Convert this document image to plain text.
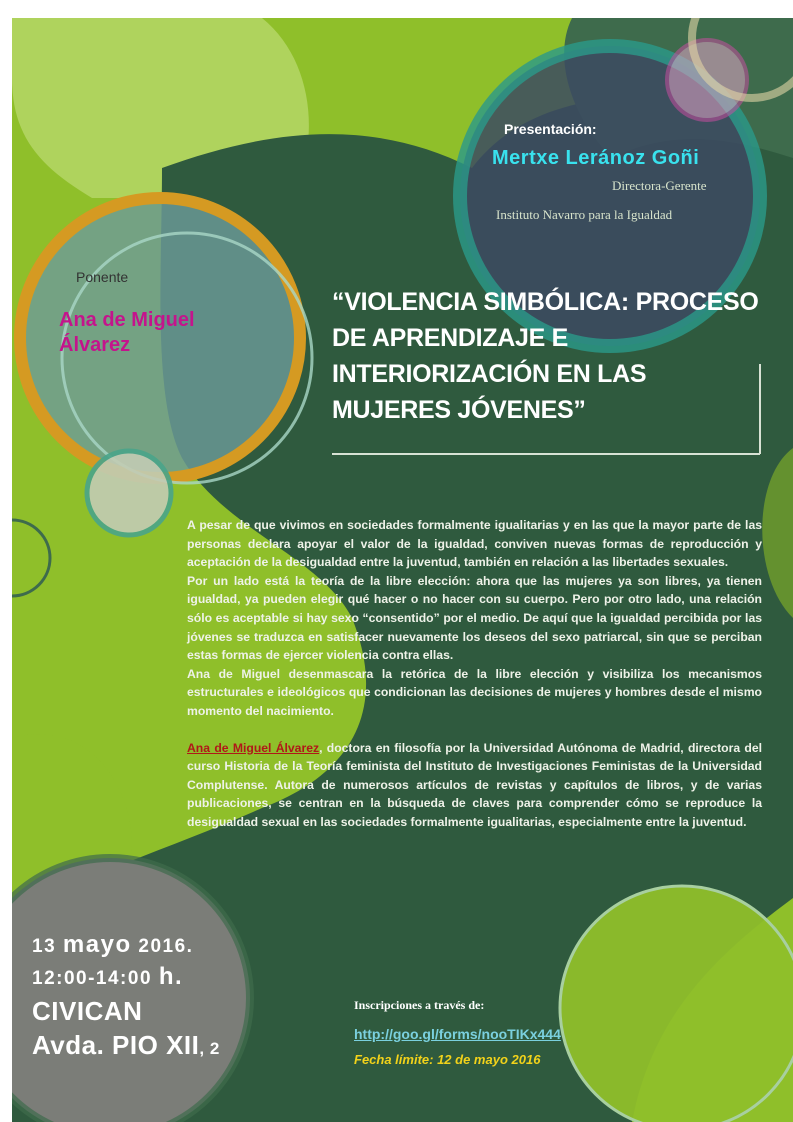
Presentación:
Mertxe Leránoz Goñi
Directora-Gerente
Instituto Navarro para la Igualdad
Ponente
Ana de Miguel Álvarez
“VIOLENCIA SIMBÓLICA: PROCESO DE APRENDIZAJE E INTERIORIZACIÓN EN LAS MUJERES JÓVENES”

A pesar de que vivimos en sociedades formalmente igualitarias y en las que la mayor parte de las personas declara apoyar el valor de la igualdad, conviven nuevas formas de reproducción y aceptación de la desigualdad entre la juventud, también en relación a las libertades sexuales.

Por un lado está la teoría de la libre elección: ahora que las mujeres ya son libres, ya tienen igualdad, ya pueden elegir qué hacer o no hacer con su cuerpo. Pero por otro lado, una relación sólo es aceptable si hay sexo “consentido” por el medio. De aquí que la igualdad percibida por las jóvenes se traduzca en satisfacer nuevamente los deseos del sexo patriarcal, sin que se perciban estas formas de ejercer violencia contra ellas.

Ana de Miguel desenmascara la retórica de la libre elección y visibiliza los mecanismos estructurales e ideológicos que condicionan las decisiones de mujeres y hombres desde el mismo momento del nacimiento.

Ana de Miguel Álvarez, doctora en filosofía por la Universidad Autónoma de Madrid, directora del curso Historia de la Teoría feminista del Instituto de Investigaciones Feministas de la Universidad Complutense. Autora de numerosos artículos de revistas y capítulos de libros, y de varias publicaciones, se centran en la búsqueda de claves para comprender cómo se reproduce la desigualdad sexual en las sociedades formalmente igualitarias, especialmente entre la juventud.

13 mayo 2016.
12:00-14:00 h.
CIVICAN
Avda. PIO XII, 2
Inscripciones a través de:
http://goo.gl/forms/nooTIKx444
Fecha límite: 12 de mayo 2016
